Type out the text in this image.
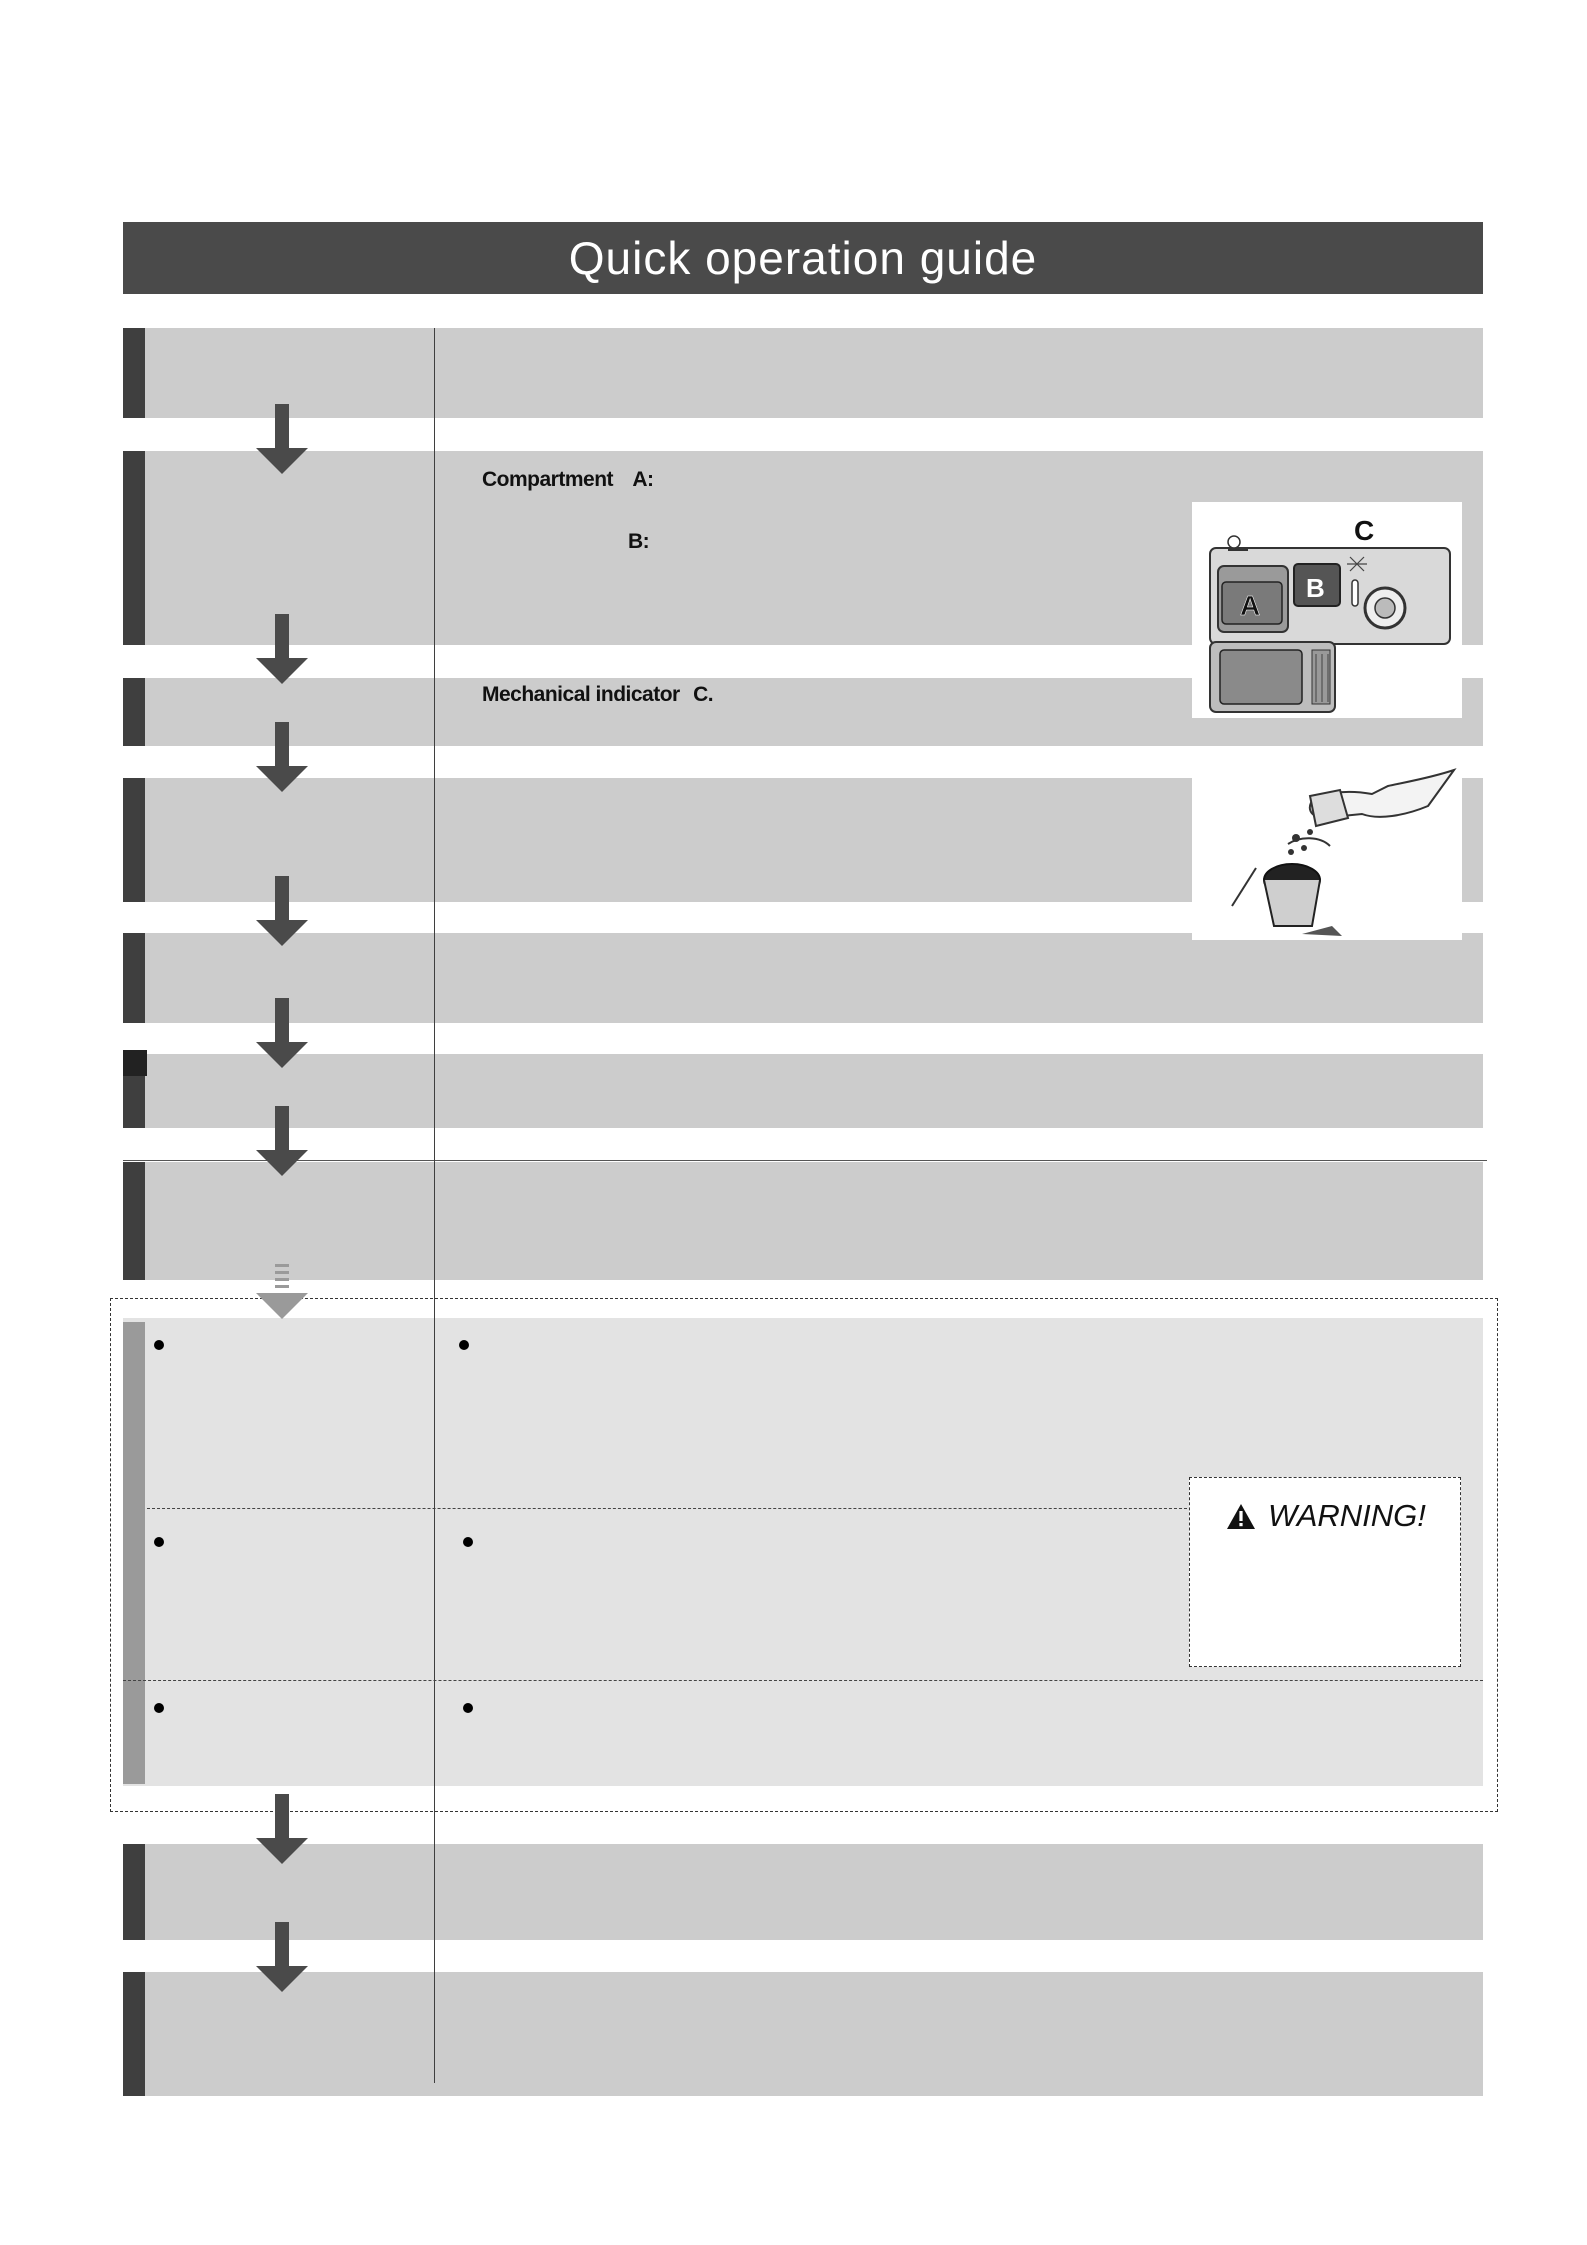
Quick operation guide
WARNING!
Compartment A:
B:
Mechanical indicator C.
C
A
B
